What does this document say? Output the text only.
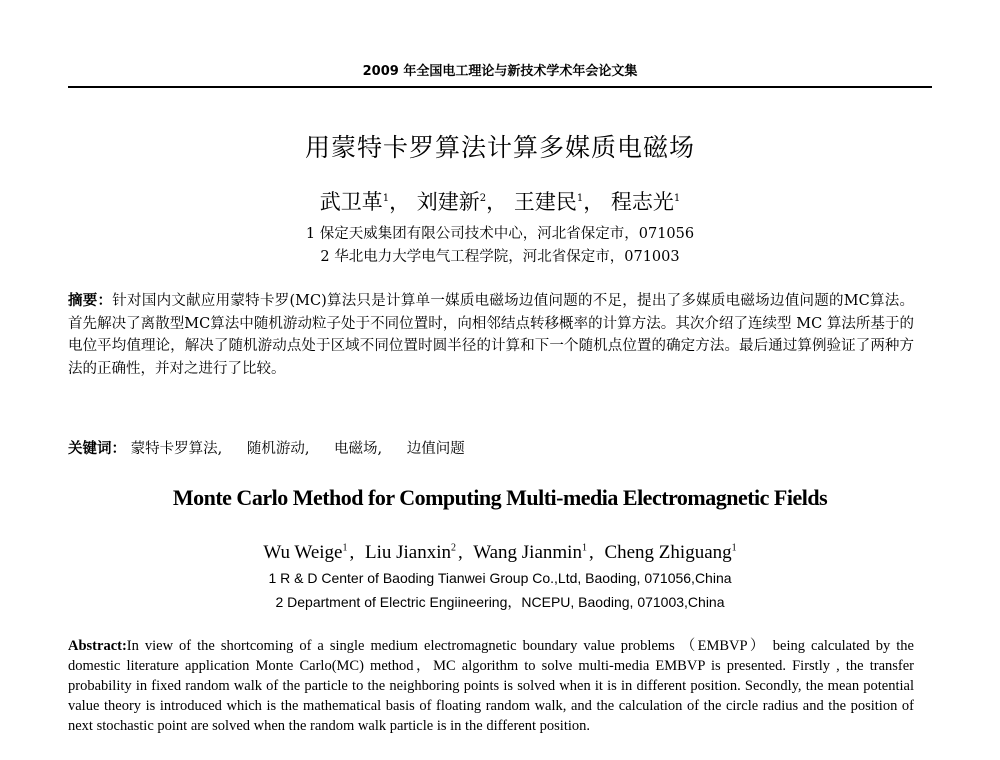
2009 年全国电工理论与新技术学术年会论文集
用蒙特卡罗算法计算多媒质电磁场
武卫革$^1$， 刘建新$^2$， 王建民$^1$， 程志光$^1$
1 保定天威集团有限公司技术中心，河北省保定市，071056
2 华北电力大学电气工程学院，河北省保定市，071003
摘要：针对国内文献应用蒙特卡罗(MC)算法只是计算单一媒质电磁场边值问题的不足，提出了多媒质电磁场边值问题的MC算法。首先解决了离散型MC算法中随机游动粒子处于不同位置时，向相邻结点转移概率的计算方法。其次介绍了连续型 MC 算法所基于的电位平均值理论，解决了随机游动点处于区域不同位置时圆半径的计算和下一个随机点位置的确定方法。最后通过算例验证了两种方法的正确性，并对之进行了比较。
关键词： 蒙特卡罗算法, 随机游动, 电磁场, 边值问题
Monte Carlo Method for Computing Multi-media Electromagnetic Fields
Wu Weige$^1$ , Liu Jianxin$^2$ , Wang Jianmin$^1$ , Cheng Zhiguang$^1$
1 R & D Center of Baoding Tianwei Group Co.,Ltd, Baoding, 071056,China
2 Department of Electric Engiineering，NCEPU, Baoding, 071003,China
Abstract:In view of the shortcoming of a single medium electromagnetic boundary value problems （EMBVP） being calculated by the domestic literature application Monte Carlo(MC) method，MC algorithm to solve multi-media EMBVP is presented. Firstly , the transfer probability in fixed random walk of the particle to the neighboring points is solved when it is in different position. Secondly, the mean potential value theory is introduced which is the mathematical basis of floating random walk, and the calculation of the circle radius and the position of next stochastic point are solved when the random walk particle is in the different position.
